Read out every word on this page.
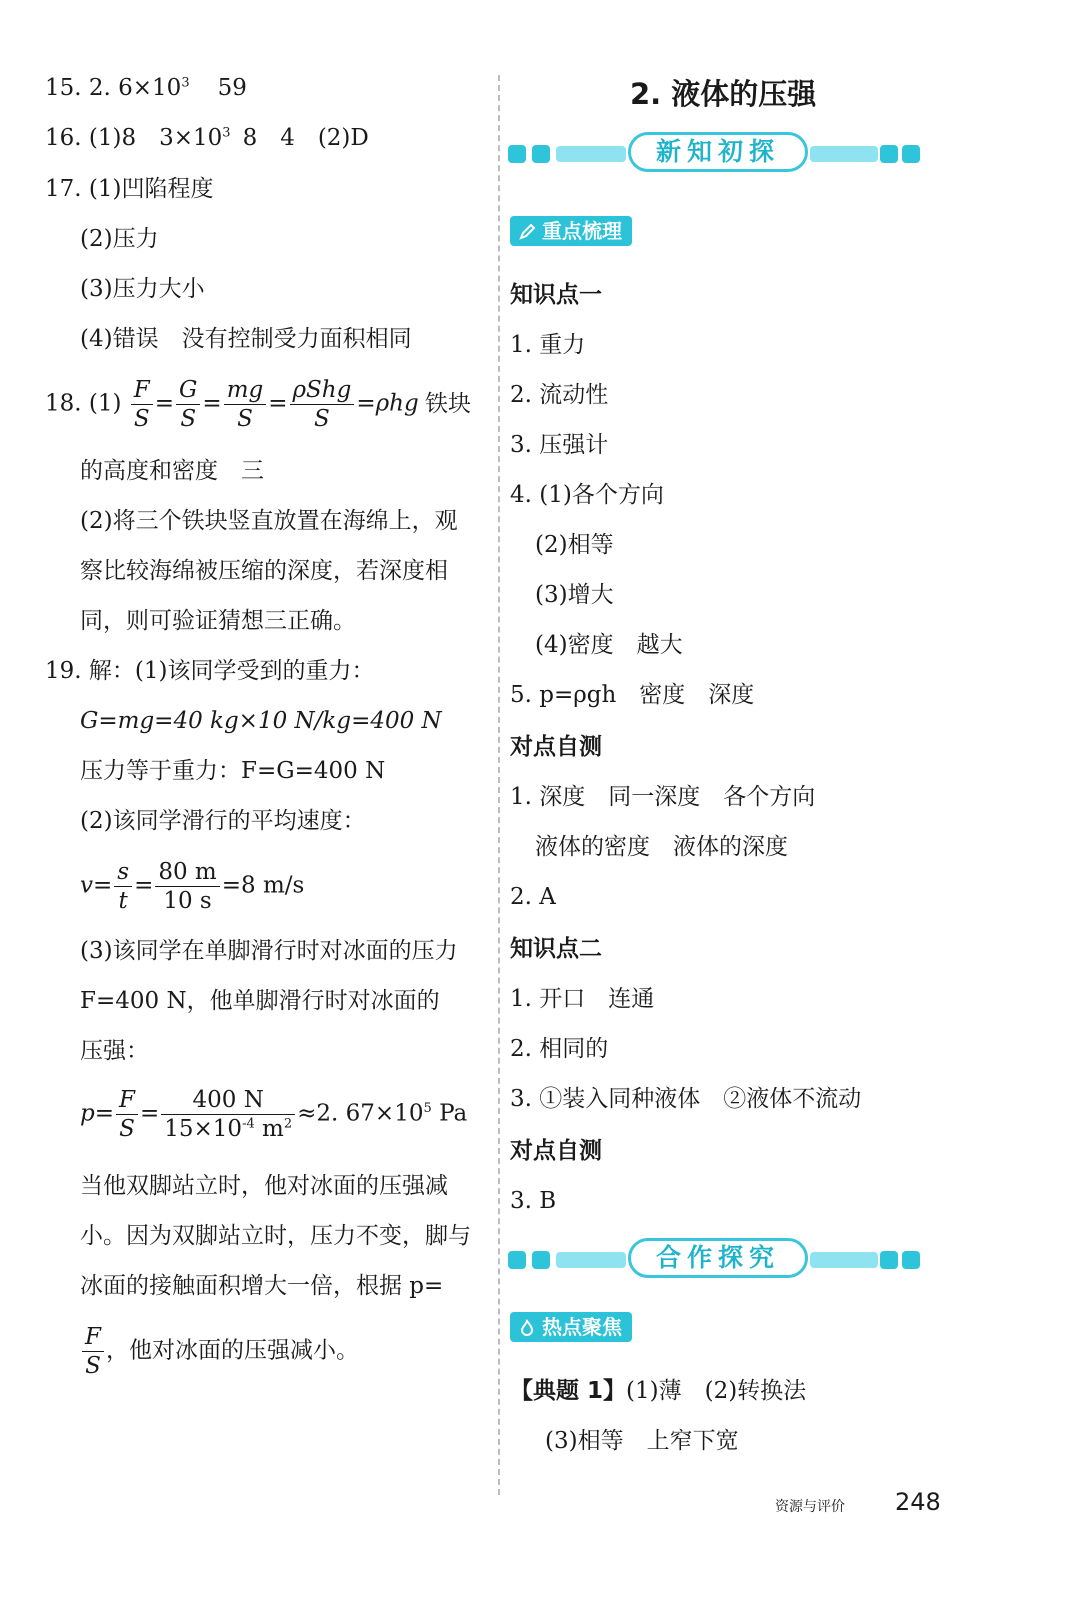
15. 2. $6\times 10^3$ 59
16. (1)8　$3\times 10^3$ 8　4　(2)D
17. (1)凹陷程度
(2)压力
(3)压力大小
(4)错误　没有控制受力面积相同
18. $(1) \frac{F}{S} = \frac{G}{S} = \frac{mg}{S} = \frac{\text{ρShg}}{S} =\rho hg$ 铁块
的高度和密度　三
(2)将三个铁块竖直放置在海绵上，观
察比较海绵被压缩的深度，若深度相
同，则可验证猜想三正确。
19. 解：(1)该同学受到的重力：
G=mg=40 kg×10 N/kg=400 N
压力等于重力：F=G=400 N
(2)该同学滑行的平均速度：
$v= \frac{s}{t} = \frac{80 m}{10 s} =8$ m/s
(3)该同学在单脚滑行时对冰面的压力
F=400 N，他单脚滑行时对冰面的
压强：
$p= \frac{F}{S} = \frac{400 N}{15\times 10^{-4} m^2} \approx 2$. $67\times 10^5$ Pa
当他双脚站立时，他对冰面的压强减
小。因为双脚站立时，压力不变，脚与
冰面的接触面积增大一倍，根据 p=
$\frac{F}{S}$ ，他对冰面的压强减小。
2. 液体的压强
新知初探
重点梳理
知识点一
1. 重力
2. 流动性
3. 压强计
4. (1)各个方向
(2)相等
(3)增大
(4)密度　越大
5. p=ρgh　密度　深度
对点自测
1. 深度　同一深度　各个方向
液体的密度　液体的深度
2. A
知识点二
1. 开口　连通
2. 相同的
3. ①装入同种液体　②液体不流动
对点自测
3. B
合作探究
热点聚焦
【典题 1】(1)薄　(2)转换法
(3)相等　上窄下宽
资源与评价 248
